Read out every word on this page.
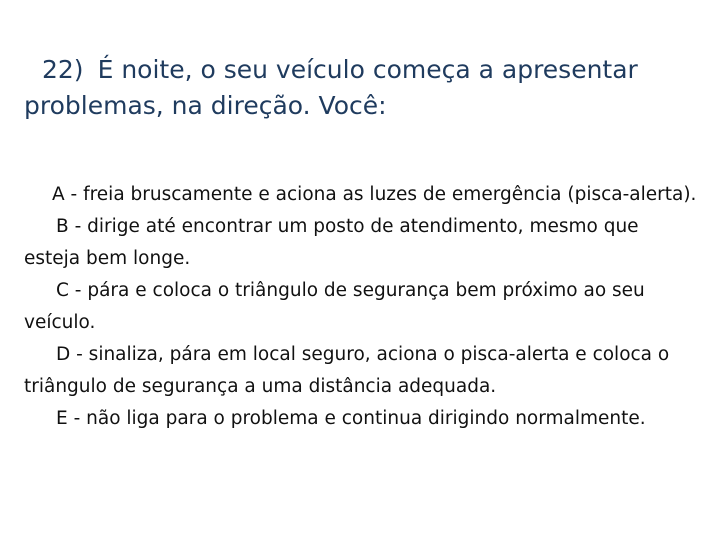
22) É noite, o seu veículo começa a apresentar problemas, na direção. Você:
A - freia bruscamente e aciona as luzes de emergência (pisca-alerta).
B - dirige até encontrar um posto de atendimento, mesmo que esteja bem longe.
C - pára e coloca o triângulo de segurança bem próximo ao seu veículo.
D - sinaliza, pára em local seguro, aciona o pisca-alerta e coloca o triângulo de segurança a uma distância adequada.
E - não liga para o problema e continua dirigindo normalmente.
